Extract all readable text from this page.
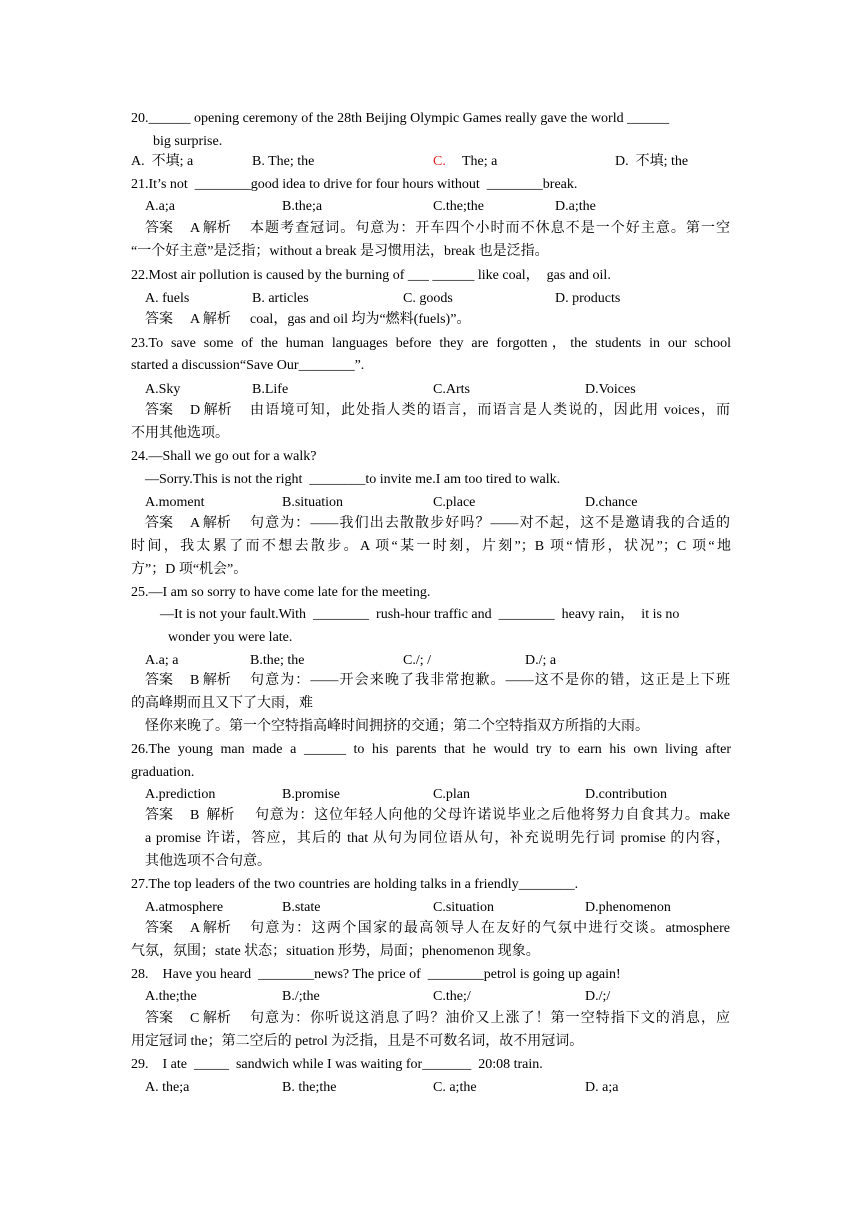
20.______ opening ceremony of the 28th Beijing Olympic Games really gave the world ______
big surprise.
A.  不填; a	B. The; the	C. The; a	D.  不填; the
21.It’s not  ________good idea to drive for four hours without  ________break.
A.a;a	B.the;a	C.the;the	D.a;the
答案 A 解析 本题考查冠词。句意为：开车四个小时而不休息不是一个好主意。第一空
“一个好主意”是泛指；without a break 是习惯用法，break 也是泛指。
22.Most air pollution is caused by the burning of ___ ______ like coal，  gas and oil.
A. fuels	B. articles	C. goods	D. products
答案 A 解析 coal，gas and oil 均为“燃料(fuels)”。
23.To save some of the human languages before they are forgotten，the students in our school
started a discussion“Save Our________”.
A.Sky	B.Life	C.Arts	D.Voices
答案 D 解析 由语境可知，此处指人类的语言，而语言是人类说的，因此用 voices，而
不用其他选项。
24.—Shall we go out for a walk?
—Sorry.This is not the right  ________to invite me.I am too tired to walk.
A.moment	B.situation	C.place	D.chance
答案 A 解析 句意为：——我们出去散散步好吗？——对不起，这不是邀请我的合适的
时间，我太累了而不想去散步。A 项“某一时刻，片刻”；B 项“情形，状况”；C 项“地
方”；D 项“机会”。
25.—I am so sorry to have come late for the meeting.
—It is not your fault.With  ________  rush-hour traffic and  ________  heavy rain，  it is no
wonder you were late.
A.a; a	B.the; the	C./; /	D./; a
答案 B 解析 句意为：——开会来晚了我非常抱歉。——这不是你的错，这正是上下班
的高峰期而且又下了大雨，难
怪你来晚了。第一个空特指高峰时间拥挤的交通；第二个空特指双方所指的大雨。
26.The young man made a ______ to his parents that he would try to earn his own living after
graduation.
A.prediction	B.promise	C.plan	D.contribution
答案 B  解析 句意为：这位年轻人向他的父母许诺说毕业之后他将努力自食其力。make
a promise 许诺，答应，其后的 that 从句为同位语从句，补充说明先行词 promise 的内容，
其他选项不合句意。
27.The top leaders of the two countries are holding talks in a friendly________.
A.atmosphere	B.state	C.situation	D.phenomenon
答案 A 解析 句意为：这两个国家的最高领导人在友好的气氛中进行交谈。atmosphere
气氛，氛围；state 状态；situation 形势，局面；phenomenon 现象。
28.    Have you heard  ________news? The price of  ________petrol is going up again!
A.the;the	B./;the	C.the;/	D./;/
答案 C 解析 句意为：你听说这消息了吗？油价又上涨了！第一空特指下文的消息，应
用定冠词 the；第二空后的 petrol 为泛指，且是不可数名词，故不用冠词。
29.    I ate  _____  sandwich while I was waiting for_______  20:08 train.
A. the;a	B. the;the	C. a;the	D. a;a
